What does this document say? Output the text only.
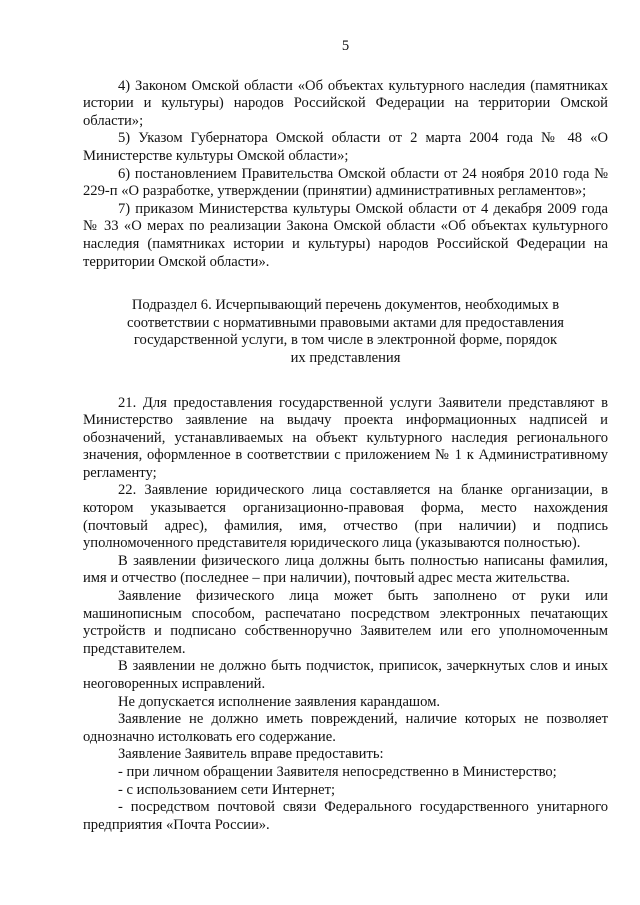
5

4) Законом Омской области «Об объектах культурного наследия (памятниках истории и культуры) народов Российской Федерации на территории Омской области»;

5) Указом Губернатора Омской области от 2 марта 2004 года № 48 «О Министерстве культуры Омской области»;

6) постановлением Правительства Омской области от 24 ноября 2010 года № 229-п «О разработке, утверждении (принятии) административных регламентов»;

7) приказом Министерства культуры Омской области от 4 декабря 2009 года № 33 «О мерах по реализации Закона Омской области «Об объектах культурного наследия (памятниках истории и культуры) народов Российской Федерации на территории Омской области».

Подраздел 6. Исчерпывающий перечень документов, необходимых в
соответствии с нормативными правовыми актами для предоставления
государственной услуги, в том числе в электронной форме, порядок
их представления

21. Для предоставления государственной услуги Заявители представляют в Министерство заявление на выдачу проекта информационных надписей и обозначений, устанавливаемых на объект культурного наследия регионального значения, оформленное в соответствии с приложением № 1 к Административному регламенту;

22. Заявление юридического лица составляется на бланке организации, в котором указывается организационно-правовая форма, место нахождения (почтовый адрес), фамилия, имя, отчество (при наличии) и подпись уполномоченного представителя юридического лица (указываются полностью).

В заявлении физического лица должны быть полностью написаны фамилия, имя и отчество (последнее – при наличии), почтовый адрес места жительства.

Заявление физического лица может быть заполнено от руки или машинописным способом, распечатано посредством электронных печатающих устройств и подписано собственноручно Заявителем или его уполномоченным представителем.

В заявлении не должно быть подчисток, приписок, зачеркнутых слов и иных неоговоренных исправлений.

Не допускается исполнение заявления карандашом.

Заявление не должно иметь повреждений, наличие которых не позволяет однозначно истолковать его содержание.

Заявление Заявитель вправе предоставить:

- при личном обращении Заявителя непосредственно в Министерство;

- с использованием сети Интернет;

- посредством почтовой связи Федерального государственного унитарного предприятия «Почта России».
